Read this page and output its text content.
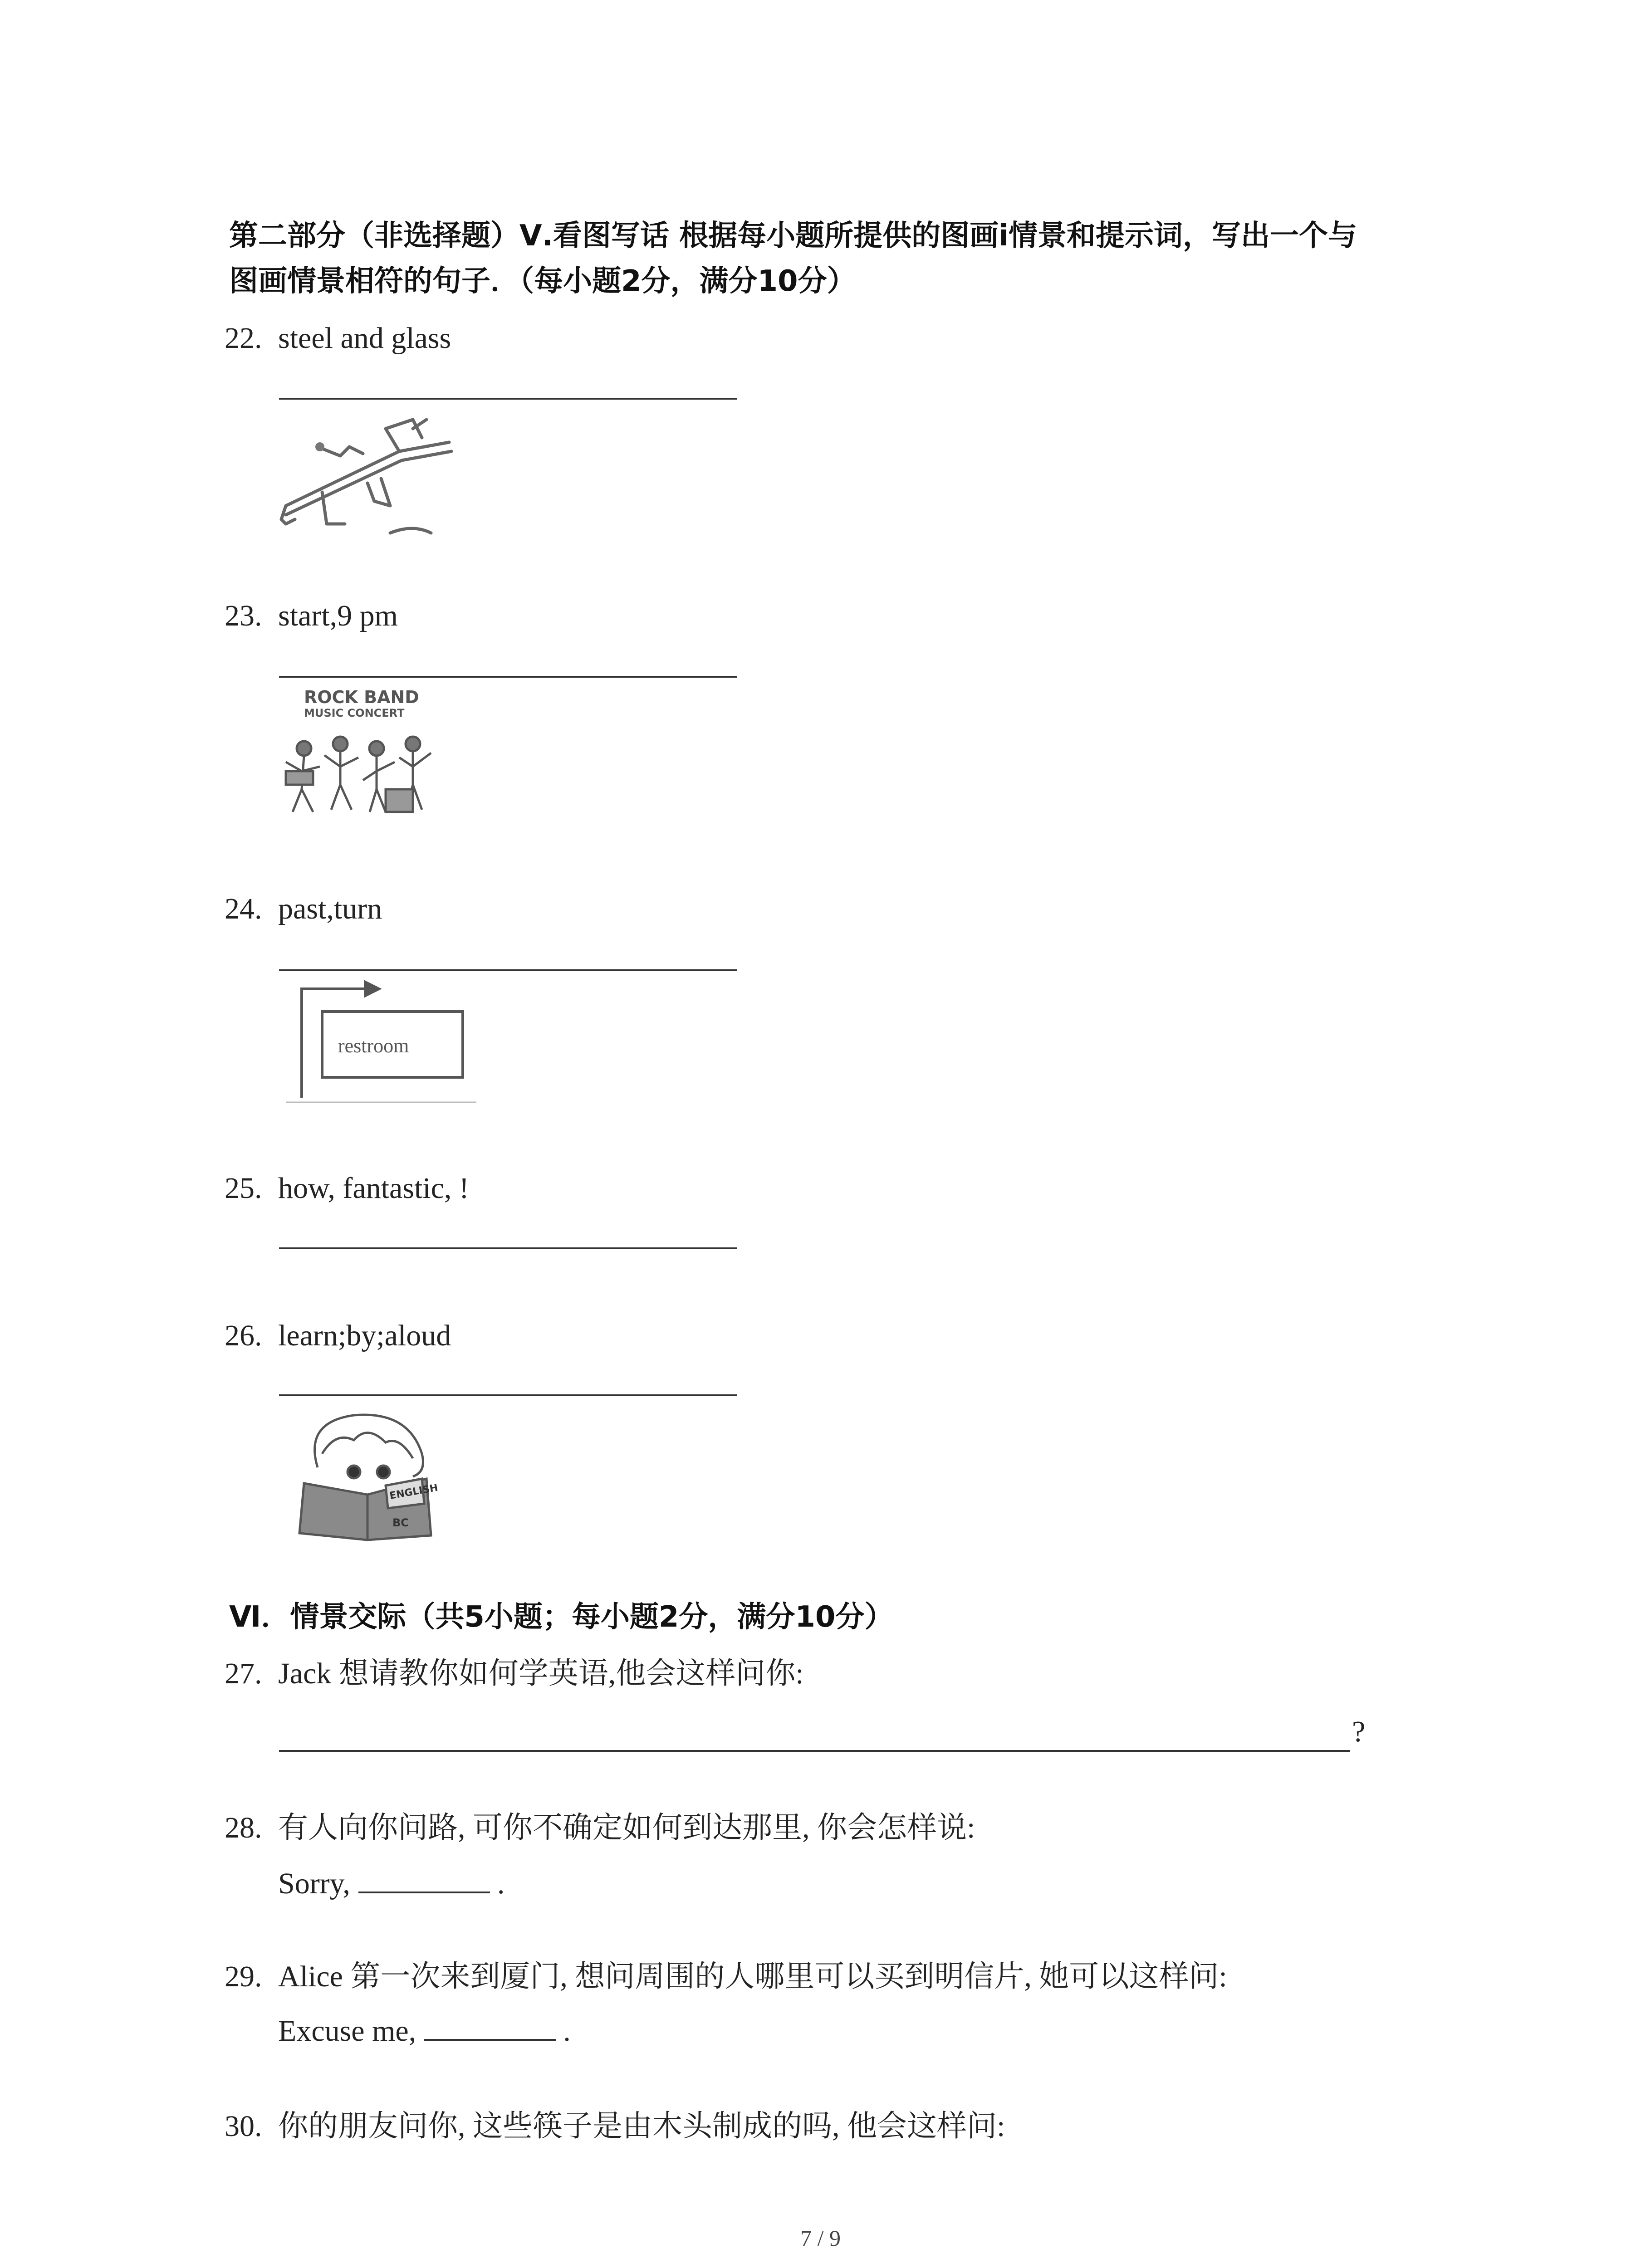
第二部分（非选择题）Ⅴ.看图写话 根据每小题所提供的图画i情景和提示词，写出一个与
图画情景相符的句子．（每小题2分，满分10分）
22. steel and glass
23. start,9 pm
ROCK BAND
MUSIC CONCERT
24. past,turn
restroom
25. how, fantastic, !
26. learn;by;aloud
ENGLISH
BC
Ⅵ．情景交际（共5小题；每小题2分，满分10分）
27. Jack 想请教你如何学英语,他会这样问你:
?
28. 有人向你问路, 可你不确定如何到达那里, 你会怎样说:
Sorry,	.
29. Alice 第一次来到厦门, 想问周围的人哪里可以买到明信片, 她可以这样问:
Excuse me,	.
30. 你的朋友问你, 这些筷子是由木头制成的吗, 他会这样问:
7 / 9
